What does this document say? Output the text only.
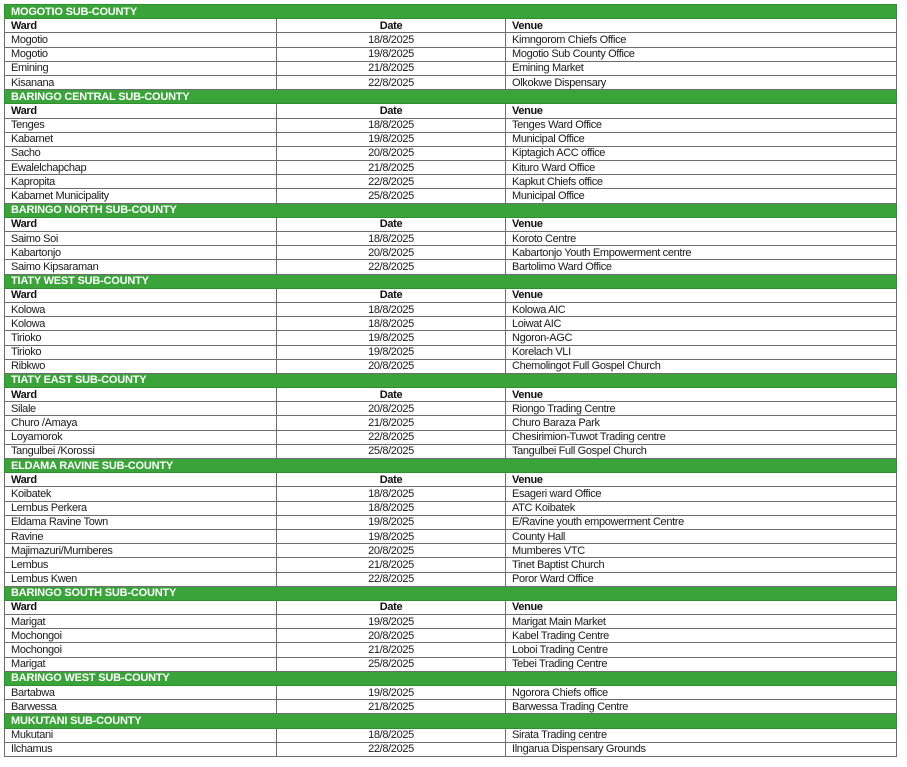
MOGOTIO SUB-COUNTY		
Ward	Date	Venue
Mogotio	18/8/2025	Kimngorom Chiefs Office
Mogotio	19/8/2025	Mogotio Sub County Office
Emining	21/8/2025	Emining Market
Kisanana	22/8/2025	Olkokwe Dispensary
BARINGO CENTRAL SUB-COUNTY		
Ward	Date	Venue
Tenges	18/8/2025	Tenges Ward Office
Kabarnet	19/8/2025	Municipal Office
Sacho	20/8/2025	Kiptagich ACC office
Ewalelchapchap	21/8/2025	Kituro Ward Office
Kapropita	22/8/2025	Kapkut Chiefs office
Kabarnet Municipality	25/8/2025	Municipal Office
BARINGO NORTH SUB-COUNTY		
Ward	Date	Venue
Saimo Soi	18/8/2025	Koroto Centre
Kabartonjo	20/8/2025	Kabartonjo Youth Empowerment centre
Saimo Kipsaraman	22/8/2025	Bartolimo Ward Office
TIATY WEST SUB-COUNTY		
Ward	Date	Venue
Kolowa	18/8/2025	Kolowa AIC
Kolowa	18/8/2025	Loiwat AIC
Tirioko	19/8/2025	Ngoron-AGC
Tirioko	19/8/2025	Korelach VLI
Ribkwo	20/8/2025	Chemolingot Full Gospel Church
TIATY EAST SUB-COUNTY		
Ward	Date	Venue
Silale	20/8/2025	Riongo Trading Centre
Churo /Amaya	21/8/2025	Churo Baraza Park
Loyamorok	22/8/2025	Chesirimion-Tuwot Trading centre
Tangulbei /Korossi	25/8/2025	Tangulbei Full Gospel Church
ELDAMA RAVINE SUB-COUNTY		
Ward	Date	Venue
Koibatek	18/8/2025	Esageri ward Office
Lembus Perkera	18/8/2025	ATC Koibatek
Eldama Ravine Town	19/8/2025	E/Ravine youth empowerment Centre
Ravine	19/8/2025	County Hall
Majimazuri/Mumberes	20/8/2025	Mumberes VTC
Lembus	21/8/2025	Tinet Baptist Church
Lembus Kwen	22/8/2025	Poror Ward Office
BARINGO SOUTH SUB-COUNTY		
Ward	Date	Venue
Marigat	19/8/2025	Marigat Main Market
Mochongoi	20/8/2025	Kabel Trading Centre
Mochongoi	21/8/2025	Loboi Trading Centre
Marigat	25/8/2025	Tebei Trading Centre
BARINGO WEST SUB-COUNTY		
Bartabwa	19/8/2025	Ngorora Chiefs office
Barwessa	21/8/2025	Barwessa Trading Centre
MUKUTANI SUB-COUNTY		
Mukutani	18/8/2025	Sirata Trading centre
Ilchamus	22/8/2025	Ilngarua Dispensary Grounds
